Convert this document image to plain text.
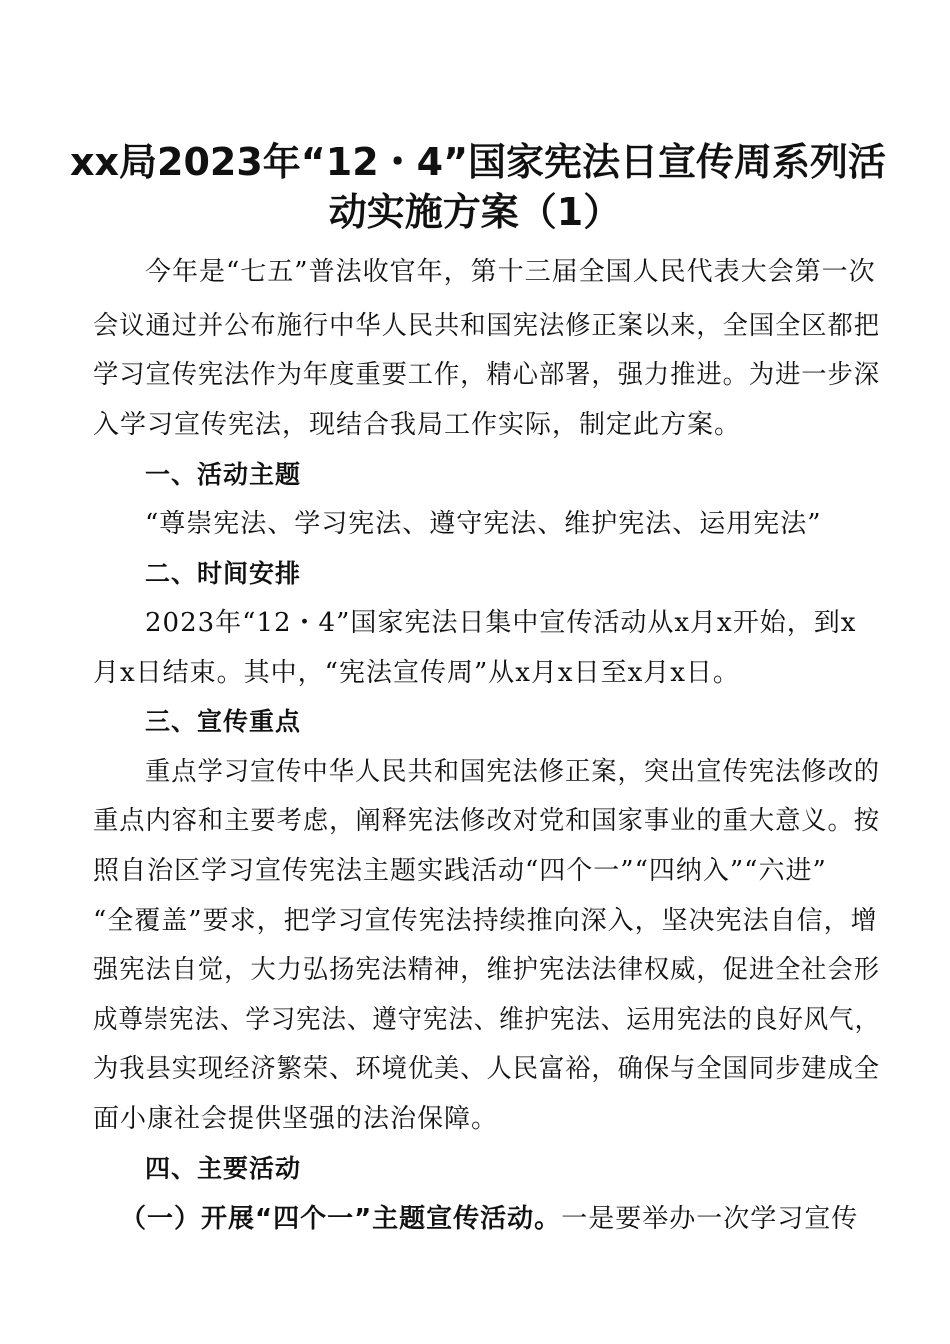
xx局2023年“12・4”国家宪法日宣传周系列活
动实施方案（1）
今年是“七五”普法收官年，第十三届全国人民代表大会第一次
会议通过并公布施行中华人民共和国宪法修正案以来，全国全区都把
学习宣传宪法作为年度重要工作，精心部署，强力推进。为进一步深
入学习宣传宪法，现结合我局工作实际，制定此方案。
一、活动主题
“尊崇宪法、学习宪法、遵守宪法、维护宪法、运用宪法”
二、时间安排
2023年“12・4”国家宪法日集中宣传活动从x月x开始，到x
月x日结束。其中，“宪法宣传周”从x月x日至x月x日。
三、宣传重点
重点学习宣传中华人民共和国宪法修正案，突出宣传宪法修改的
重点内容和主要考虑，阐释宪法修改对党和国家事业的重大意义。按
照自治区学习宣传宪法主题实践活动“四个一”“四纳入”“六进”
“全覆盖”要求，把学习宣传宪法持续推向深入，坚决宪法自信，增
强宪法自觉，大力弘扬宪法精神，维护宪法法律权威，促进全社会形
成尊崇宪法、学习宪法、遵守宪法、维护宪法、运用宪法的良好风气，
为我县实现经济繁荣、环境优美、人民富裕，确保与全国同步建成全
面小康社会提供坚强的法治保障。
四、主要活动
（一）开展“四个一”主题宣传活动。一是要举办一次学习宣传
